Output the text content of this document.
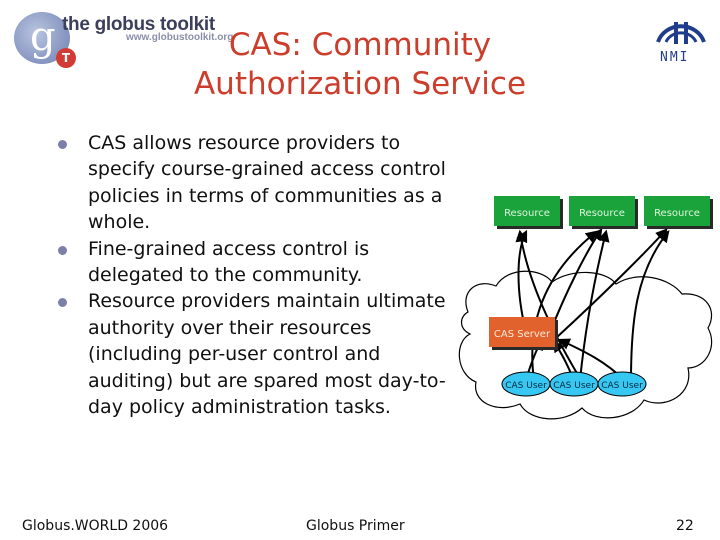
g T
the globus toolkit
www.globustoolkit.org
NMI
CAS: Community
Authorization Service
CAS allows resource providers to specify course-grained access control policies in terms of communities as a whole.
Fine-grained access control is delegated to the community.
Resource providers maintain ultimate authority over their resources (including per-user control and auditing) but are spared most day-to-day policy administration tasks.
Resource	Resource	Resource
CAS Server
CAS User CAS User CAS User
Globus.WORLD 2006	Globus Primer	22
